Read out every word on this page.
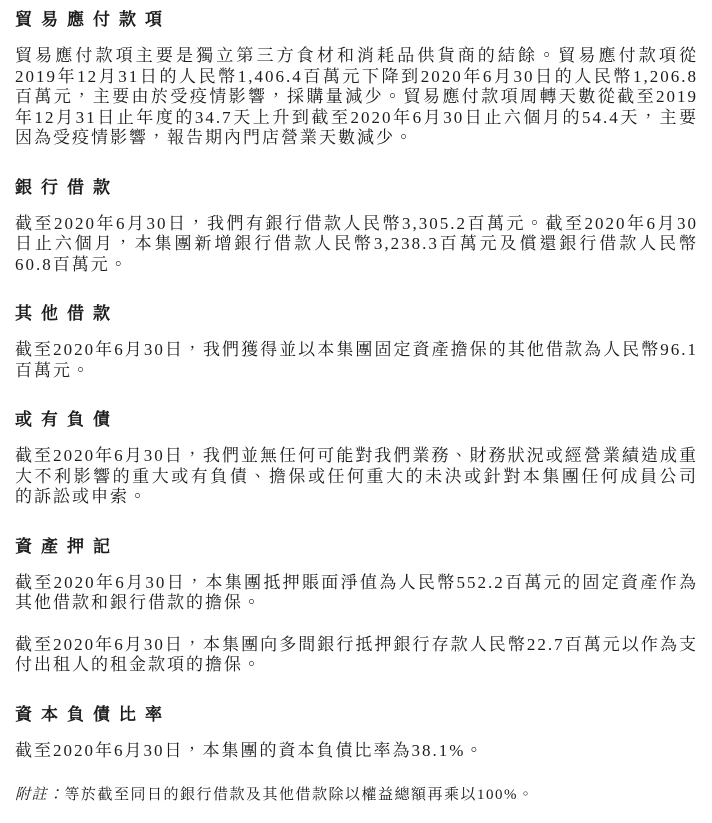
貿易應付款項

貿易應付款項主要是獨立第三方食材和消耗品供貨商的結餘。貿易應付款項從2019年12月31日的人民幣1,406.4百萬元下降到2020年6月30日的人民幣1,206.8百萬元，主要由於受疫情影響，採購量減少。貿易應付款項周轉天數從截至2019年12月31日止年度的34.7天上升到截至2020年6月30日止六個月的54.4天，主要因為受疫情影響，報告期內門店營業天數減少。

銀行借款

截至2020年6月30日，我們有銀行借款人民幣3,305.2百萬元。截至2020年6月30日止六個月，本集團新增銀行借款人民幣3,238.3百萬元及償還銀行借款人民幣60.8百萬元。

其他借款

截至2020年6月30日，我們獲得並以本集團固定資產擔保的其他借款為人民幣96.1百萬元。

或有負債

截至2020年6月30日，我們並無任何可能對我們業務、財務狀況或經營業績造成重大不利影響的重大或有負債、擔保或任何重大的未決或針對本集團任何成員公司的訴訟或申索。

資產押記

截至2020年6月30日，本集團抵押賬面淨值為人民幣552.2百萬元的固定資產作為其他借款和銀行借款的擔保。

截至2020年6月30日，本集團向多間銀行抵押銀行存款人民幣22.7百萬元以作為支付出租人的租金款項的擔保。

資本負債比率

截至2020年6月30日，本集團的資本負債比率為38.1%。

附註：等於截至同日的銀行借款及其他借款除以權益總額再乘以100%。
